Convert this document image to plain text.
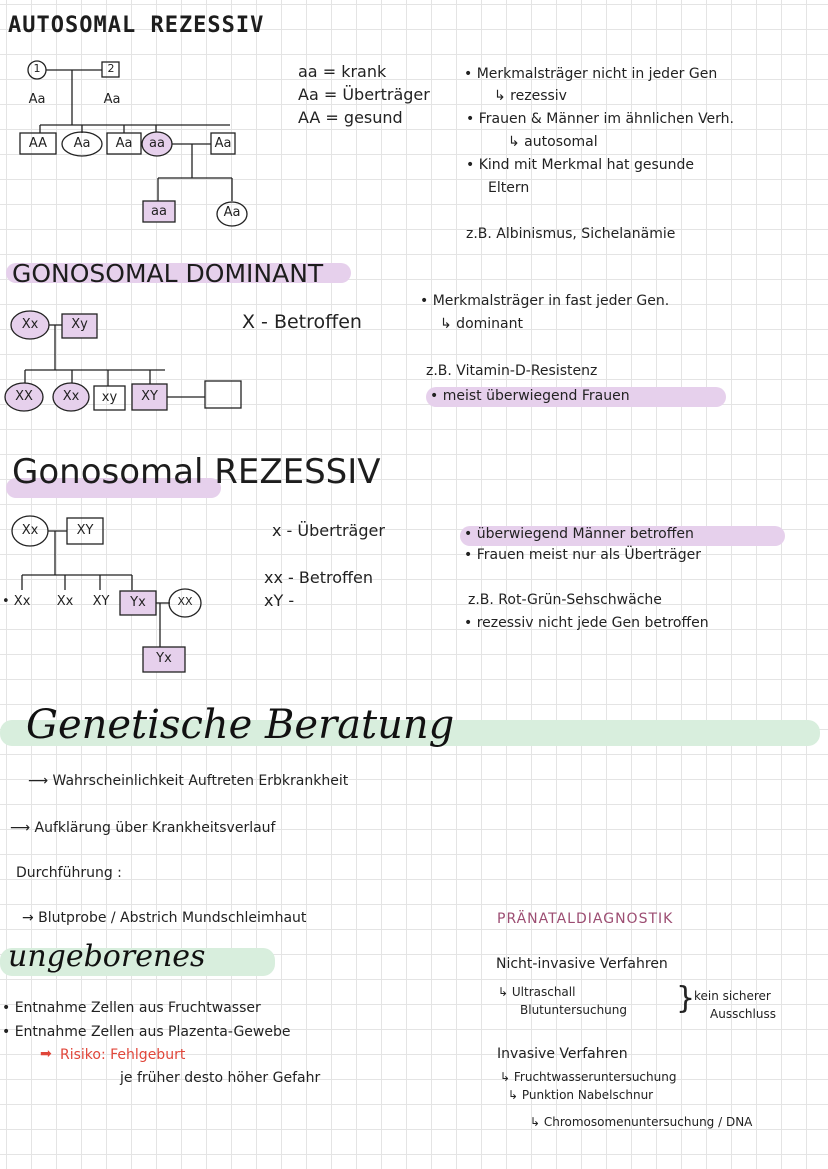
1	2
Aa	Aa
AA	Aa	Aa	aa	Aa
aa	Aa
Xx	Xy
XX	Xx	xy	XY
Xx	XY
• Xx	Xx	XY	Yx	XX
Yx
AUTOSOMAL REZESSIV
aa = krank
Aa = Überträger
AA = gesund
• Merkmalsträger nicht in jeder Gen
↳ rezessiv
• Frauen & Männer im ähnlichen Verh.
↳ autosomal
• Kind mit Merkmal hat gesunde
Eltern
z.B. Albinismus, Sichelanämie
GONOSOMAL DOMINANT
X - Betroffen
• Merkmalsträger in fast jeder Gen.
↳ dominant
z.B. Vitamin-D-Resistenz
• meist überwiegend Frauen
Gonosomal REZESSIV
x - Überträger
xx - Betroffen
xY -
• überwiegend Männer betroffen
• Frauen meist nur als Überträger
z.B. Rot-Grün-Sehschwäche
• rezessiv nicht jede Gen betroffen
Genetische Beratung
⟶ Wahrscheinlichkeit Auftreten Erbkrankheit
⟶ Aufklärung über Krankheitsverlauf
Durchführung :
→ Blutprobe / Abstrich Mundschleimhaut
ungeborenes
• Entnahme Zellen aus Fruchtwasser
• Entnahme Zellen aus Plazenta-Gewebe
➡ Risiko: Fehlgeburt
je früher desto höher Gefahr
PRÄNATALDIAGNOSTIK
Nicht-invasive Verfahren
↳ Ultraschall
Blutuntersuchung }
kein sicherer
Ausschluss
Invasive Verfahren
↳ Fruchtwasseruntersuchung
↳ Punktion Nabelschnur
↳ Chromosomenuntersuchung / DNA
